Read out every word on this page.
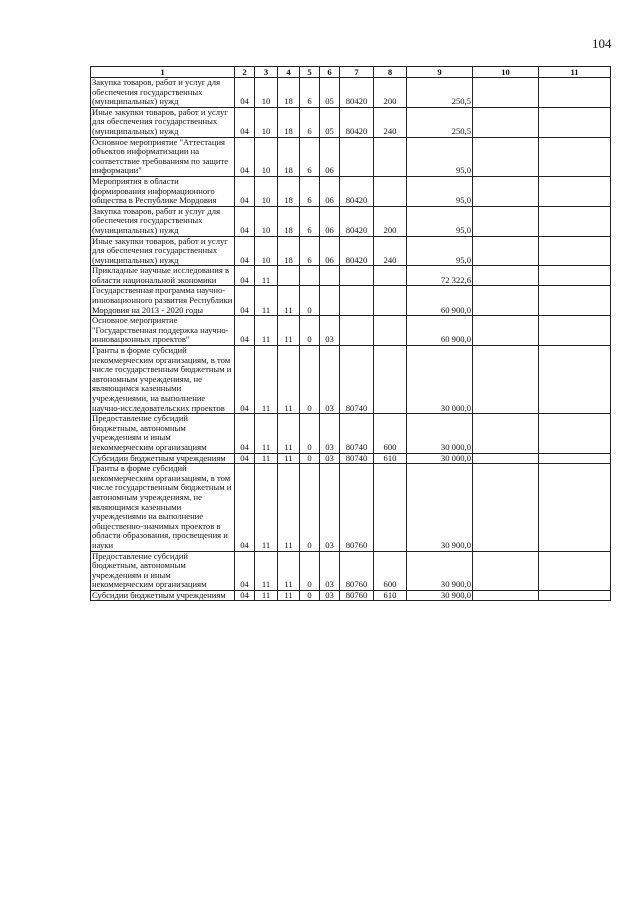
104
1	2	3	4	5	6	7	8	9	10	11
Закупка товаров, работ и услуг для обеспечения государственных (муниципальных) нужд	04	10	18	6	05	80420	200	250,5		
Иные закупки товаров, работ и услуг для обеспечения государственных (муниципальных) нужд	04	10	18	6	05	80420	240	250,5		
Основное мероприятие "Аттестация объектов информатизации на соответствие требованиям по защите информации"	04	10	18	6	06			95,0		
Мероприятия в области формирования информационного общества в Республике Мордовия	04	10	18	6	06	80420		95,0		
Закупка товаров, работ и услуг для обеспечения государственных (муниципальных) нужд	04	10	18	6	06	80420	200	95,0		
Иные закупки товаров, работ и услуг для обеспечения государственных (муниципальных) нужд	04	10	18	6	06	80420	240	95,0		
Прикладные научные исследования в области национальной экономики	04	11						72 322,6		
Государственная программа научно-инновационного развития Республики Мордовия на 2013 - 2020 годы	04	11	11	0				60 900,0		
Основное мероприятие "Государственная поддержка научно-инновационных проектов"	04	11	11	0	03			60 900,0		
Гранты в форме субсидий некоммерческим организациям, в том числе государственным бюджетным и автономным учреждениям, не являющимся казенными учреждениями, на выполнение научно-исследовательских проектов	04	11	11	0	03	80740		30 000,0		
Предоставление субсидий бюджетным, автономным учреждениям и иным некоммерческим организациям	04	11	11	0	03	80740	600	30 000,0		
Субсидии бюджетным учреждениям	04	11	11	0	03	80740	610	30 000,0		
Гранты в форме субсидий некоммерческим организациям, в том числе государственным бюджетным и автономным учреждениям, не являющимся казенными учреждениями на выполнение общественно-значимых проектов в области образования, просвещения и науки	04	11	11	0	03	80760		30 900,0		
Предоставление субсидий бюджетным, автономным учреждениям и иным некоммерческим организациям	04	11	11	0	03	80760	600	30 900,0		
Субсидии бюджетным учреждениям	04	11	11	0	03	80760	610	30 900,0		
